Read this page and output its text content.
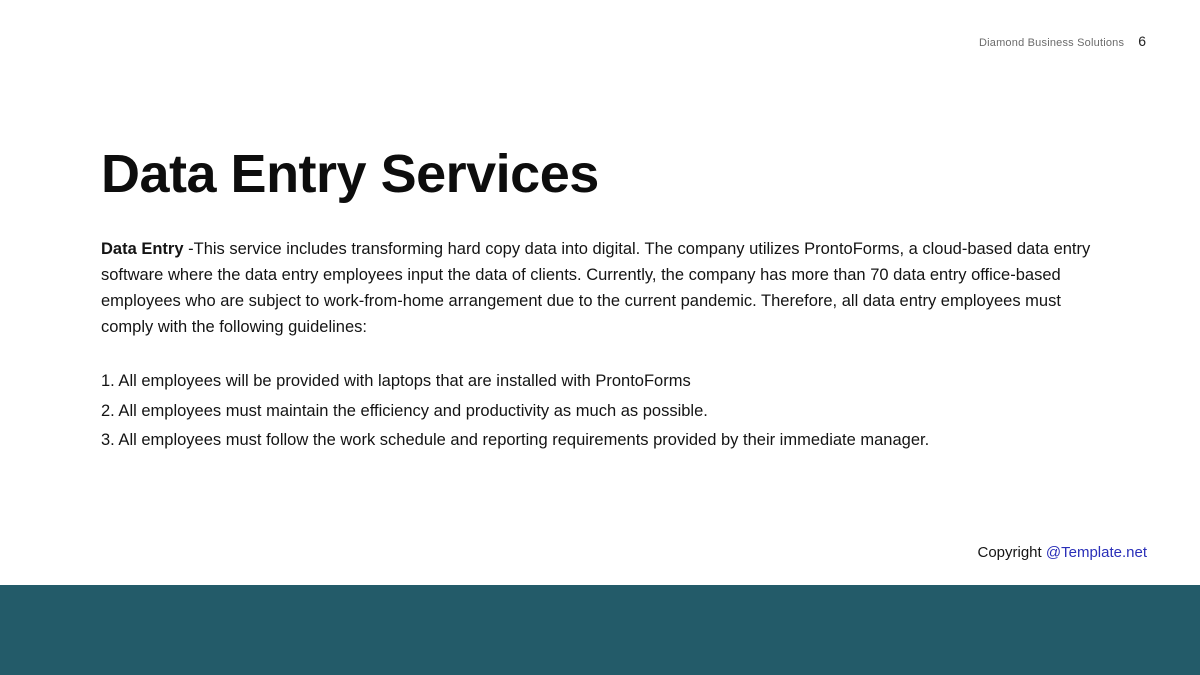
Diamond Business Solutions 6
Data Entry Services

Data Entry -This service includes transforming hard copy data into digital. The company utilizes ProntoForms, a cloud-based data entry software where the data entry employees input the data of clients. Currently, the company has more than 70 data entry office-based employees who are subject to work-from-home arrangement due to the current pandemic. Therefore, all data entry employees must comply with the following guidelines:

1. All employees will be provided with laptops that are installed with ProntoForms
2. All employees must maintain the efficiency and productivity as much as possible.
3. All employees must follow the work schedule and reporting requirements provided by their immediate manager.
Copyright @Template.net
